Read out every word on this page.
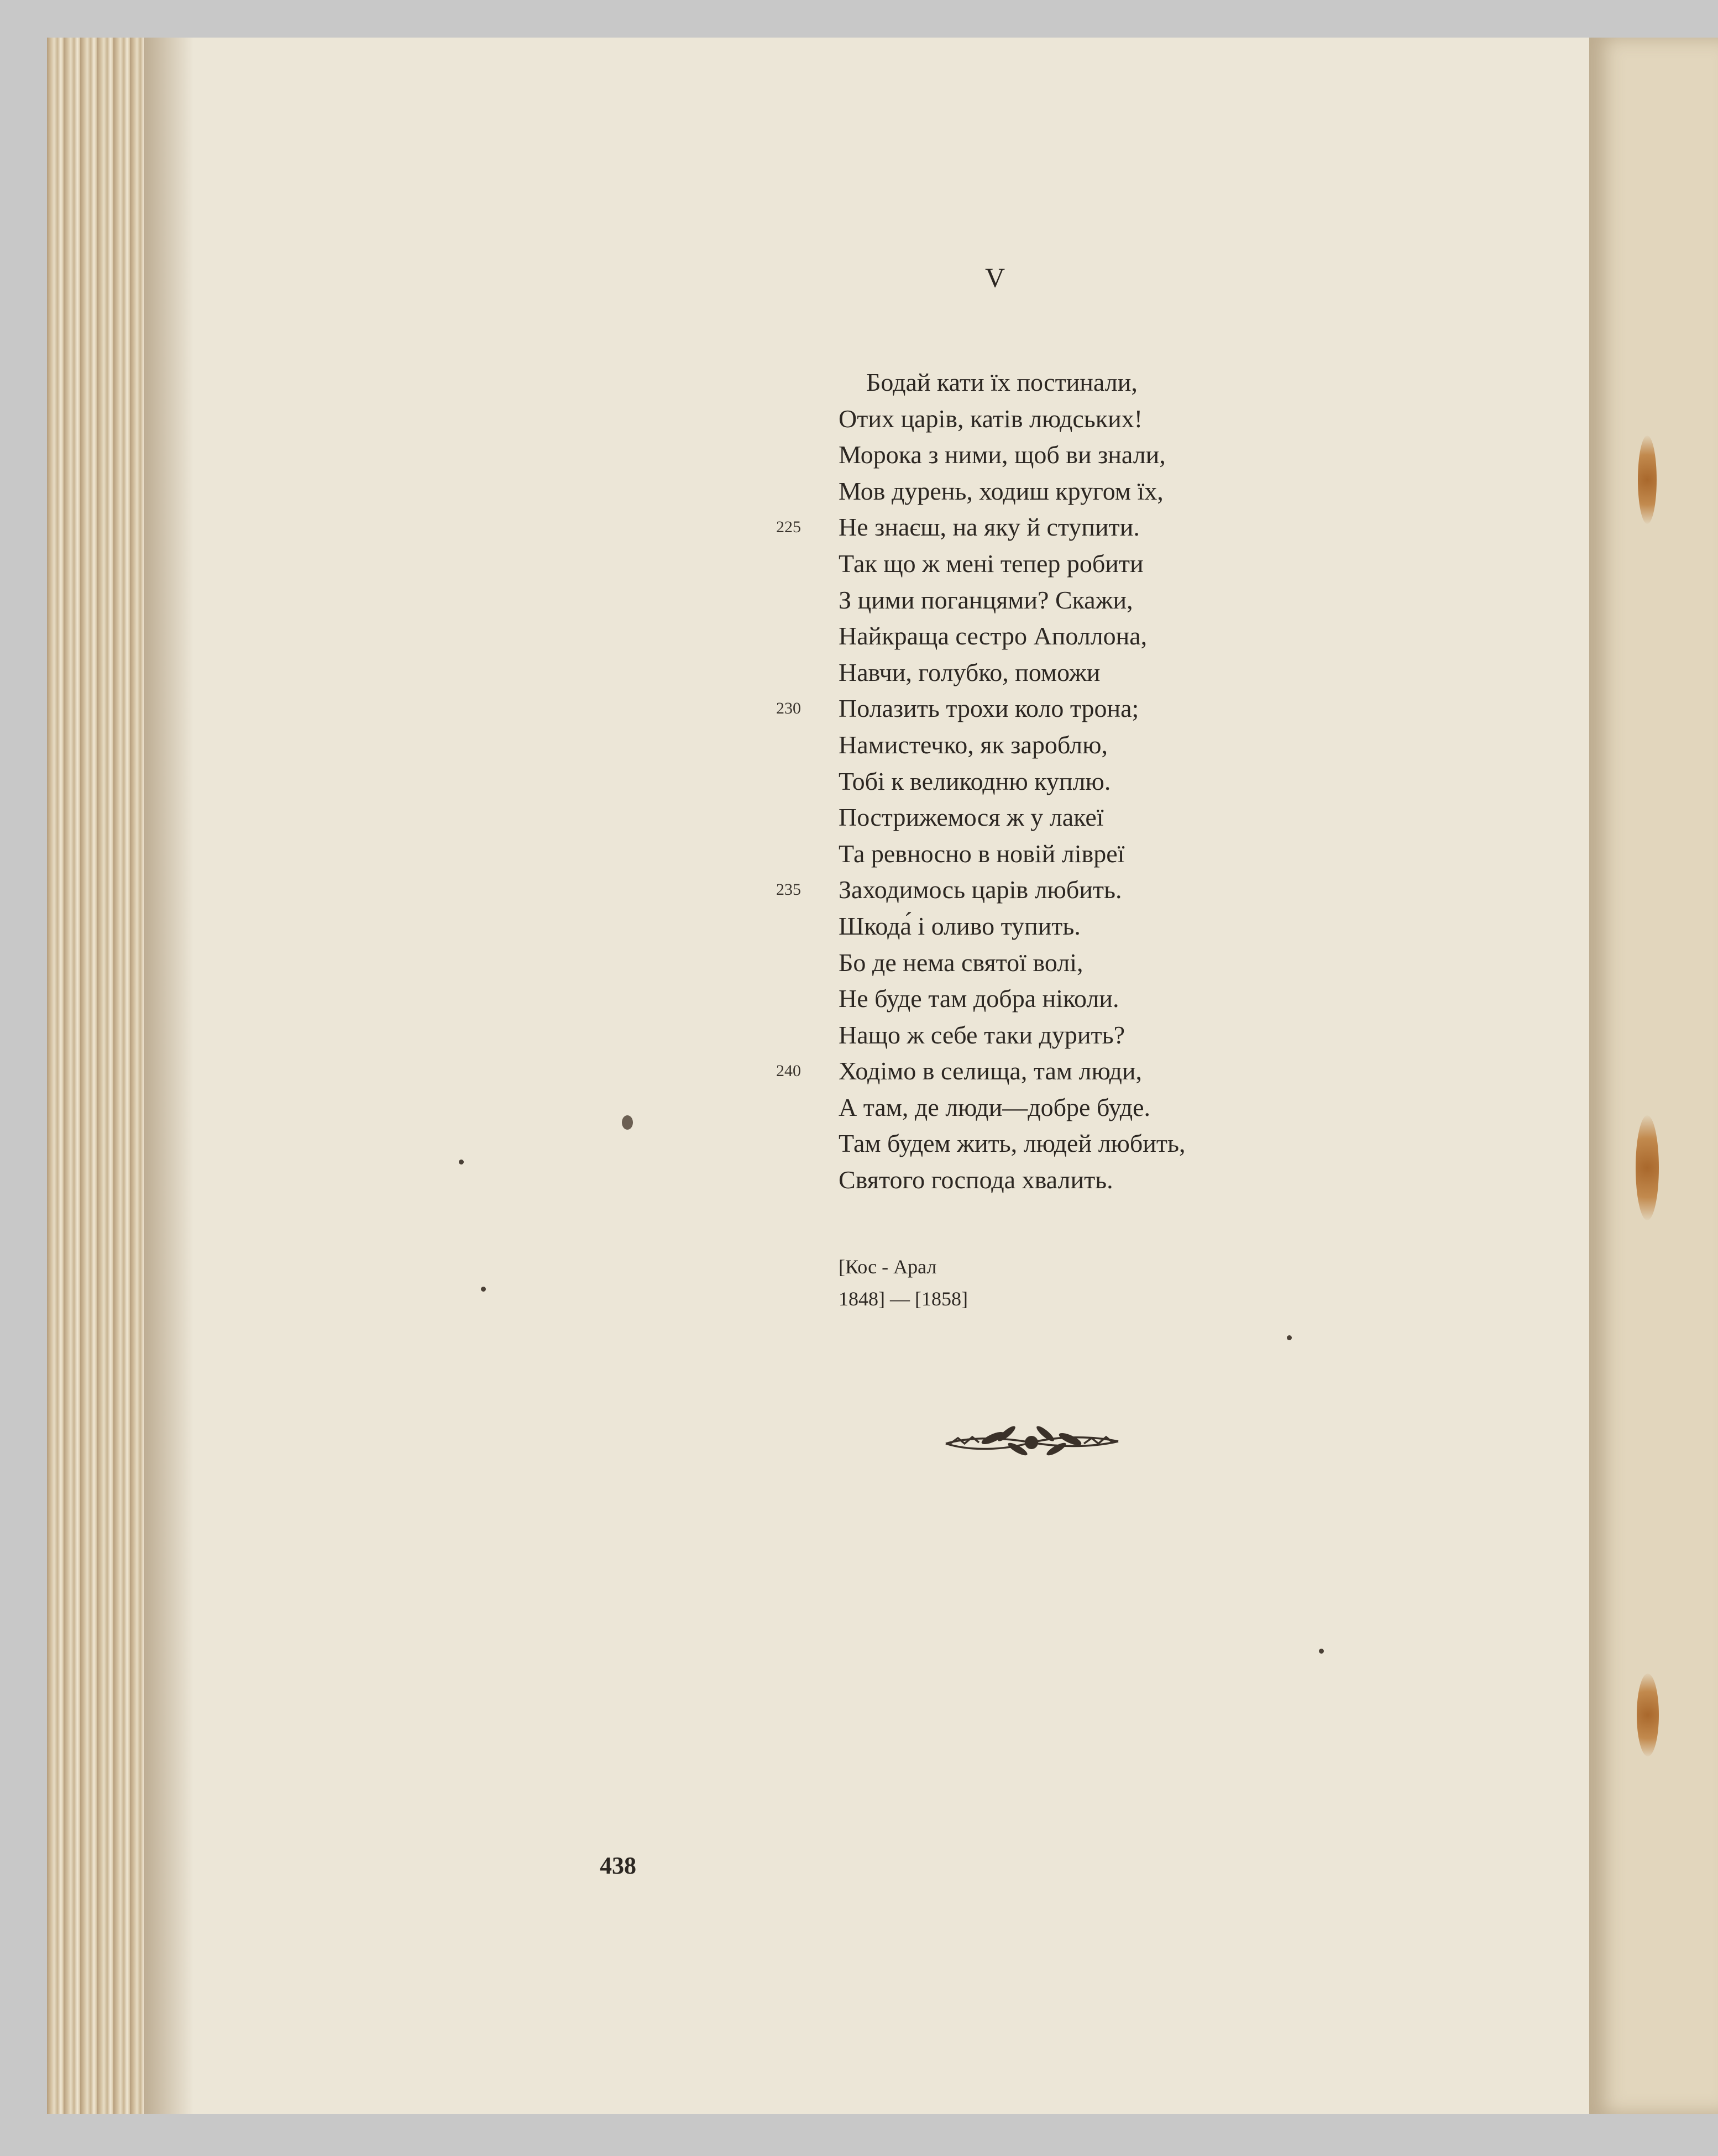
V
Бодай кати їх постинали,
Отих царів, катів людських!
Морока з ними, щоб ви знали,
Мов дурень, ходиш кругом їх,
225 Не знаєш, на яку й ступити.
Так що ж мені тепер робити
З цими поганцями? Скажи,
Найкраща сестро Аполлона,
Навчи, голубко, поможи
230 Полазить трохи коло трона;
Намистечко, як зароблю,
Тобі к великодню куплю.
Пострижемося ж у лакеї
Та ревносно в новій лівреї
235 Заходимось царів любить.
Шкода́ і оливо тупить.
Бо де нема святої волі,
Не буде там добра ніколи.
Нащо ж себе таки дурить?
240 Ходімо в селища, там люди,
А там, де люди—добре буде.
Там будем жить, людей любить,
Святого господа хвалить.
[Кос - Арал
1848] — [1858]
438
